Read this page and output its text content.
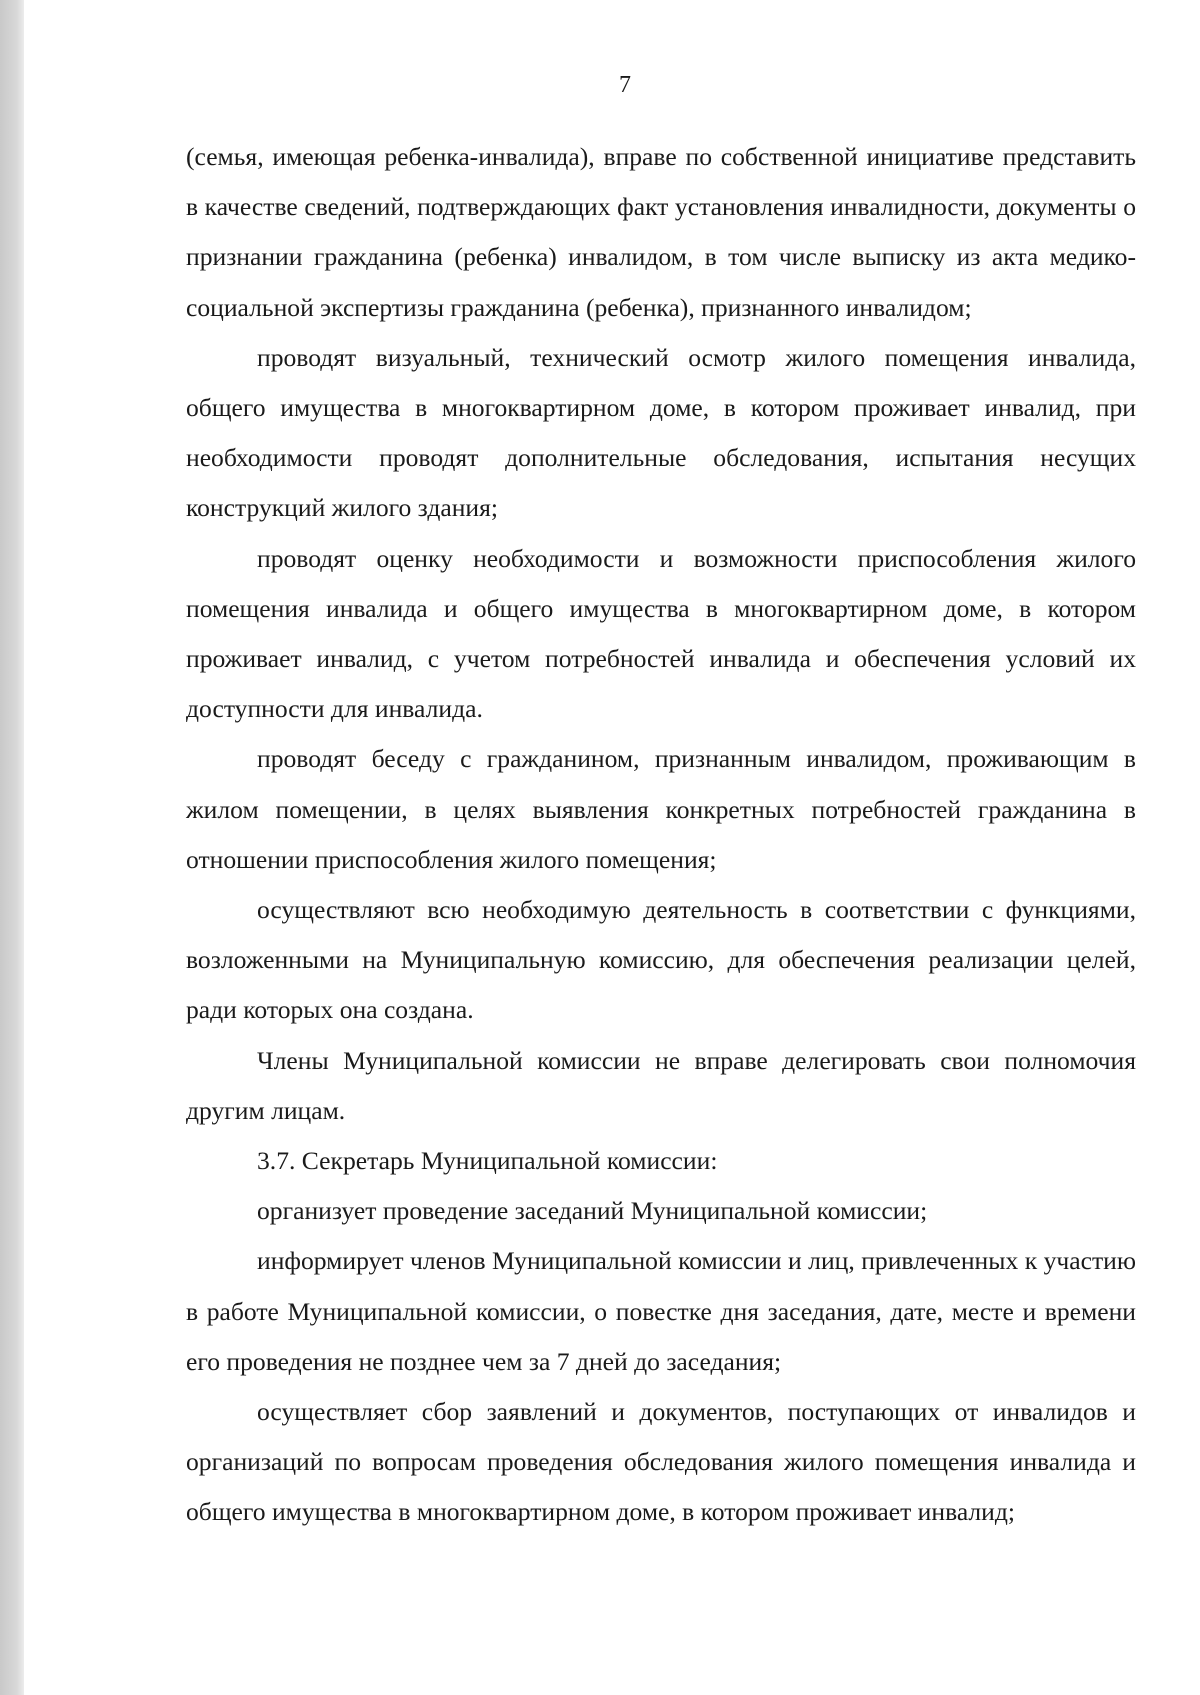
7

(семья, имеющая ребенка-инвалида), вправе по собственной инициативе представить в качестве сведений, подтверждающих факт установления инвалидности, документы о признании гражданина (ребенка) инвалидом, в том числе выписку из акта медико-социальной экспертизы гражданина (ребенка), признанного инвалидом;

проводят визуальный, технический осмотр жилого помещения инвалида, общего имущества в многоквартирном доме, в котором проживает инвалид, при необходимости проводят дополнительные обследования, испытания несущих конструкций жилого здания;

проводят оценку необходимости и возможности приспособления жилого помещения инвалида и общего имущества в многоквартирном доме, в котором проживает инвалид, с учетом потребностей инвалида и обеспечения условий их доступности для инвалида.

проводят беседу с гражданином, признанным инвалидом, проживающим в жилом помещении, в целях выявления конкретных потребностей гражданина в отношении приспособления жилого помещения;

осуществляют всю необходимую деятельность в соответствии с функциями, возложенными на Муниципальную комиссию, для обеспечения реализации целей, ради которых она создана.

Члены Муниципальной комиссии не вправе делегировать свои полномочия другим лицам.

3.7. Секретарь Муниципальной комиссии:

организует проведение заседаний Муниципальной комиссии;

информирует членов Муниципальной комиссии и лиц, привлеченных к участию в работе Муниципальной комиссии, о повестке дня заседания, дате, месте и времени его проведения не позднее чем за 7 дней до заседания;

осуществляет сбор заявлений и документов, поступающих от инвалидов и организаций по вопросам проведения обследования жилого помещения инвалида и общего имущества в многоквартирном доме, в котором проживает инвалид;
